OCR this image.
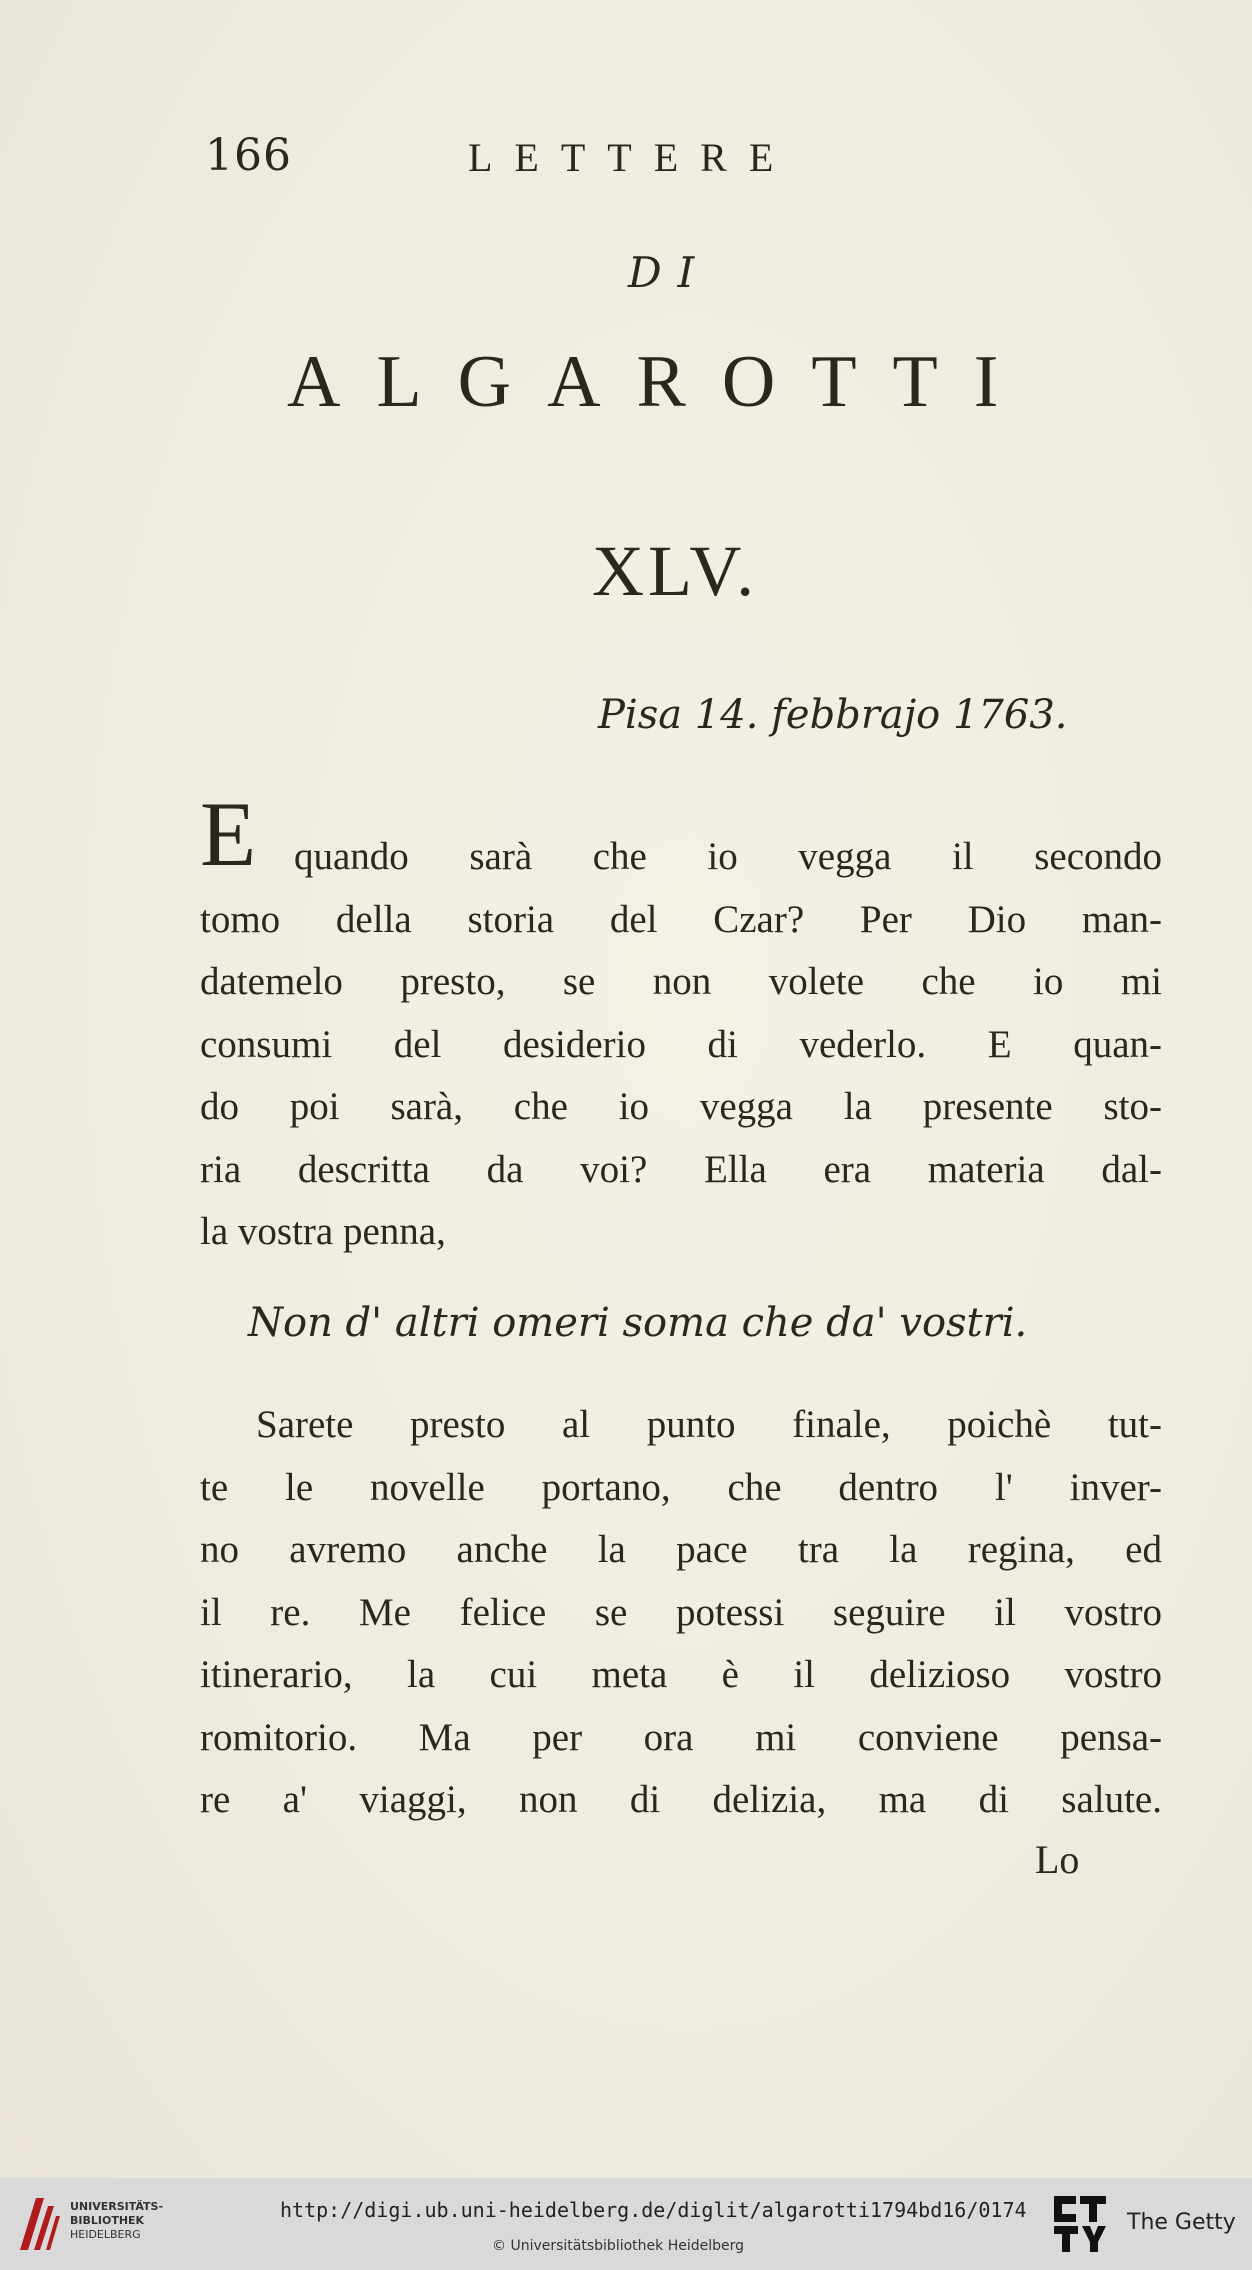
166	LETTERE
DI
ALGAROTTI
XLV.
Pisa 14. febbrajo 1763.
E quando sarà che io vegga il secondo
tomo della storia del Czar? Per Dio man-
datemelo presto, se non volete che io mi
consumi del desiderio di vederlo. E quan-
do poi sarà, che io vegga la presente sto-
ria descritta da voi? Ella era materia dal-
la vostra penna,
Non d' altri omeri soma che da' vostri.
Sarete presto al punto finale, poichè tut-
te le novelle portano, che dentro l' inver-
no avremo anche la pace tra la regina, ed
il re. Me felice se potessi seguire il vostro
itinerario, la cui meta è il delizioso vostro
romitorio. Ma per ora mi conviene pensa-
re a' viaggi, non di delizia, ma di salute.
Lo
UNIVERSITÄTS-
BIBLIOTHEK
HEIDELBERG
http://digi.ub.uni-heidelberg.de/diglit/algarotti1794bd16/0174
© Universitätsbibliothek Heidelberg
The Getty
